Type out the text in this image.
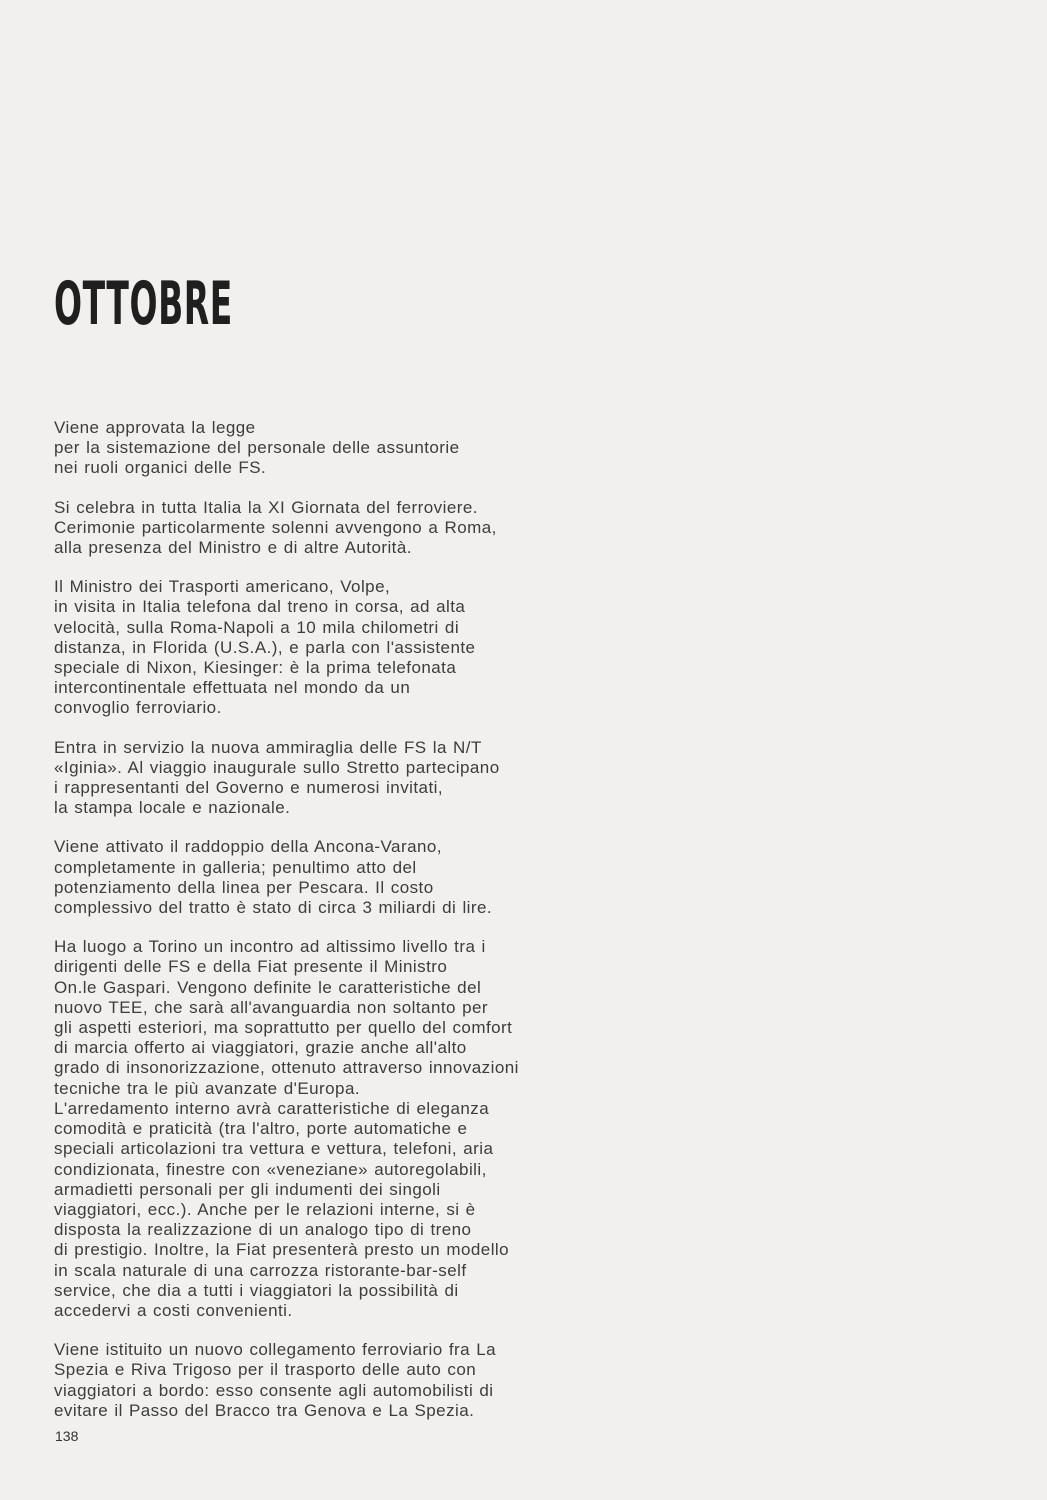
OTTOBRE

Viene approvata la legge
per la sistemazione del personale delle assuntorie
nei ruoli organici delle FS.

Si celebra in tutta Italia la XI Giornata del ferroviere.
Cerimonie particolarmente solenni avvengono a Roma,
alla presenza del Ministro e di altre Autorità.

Il Ministro dei Trasporti americano, Volpe,
in visita in Italia telefona dal treno in corsa, ad alta
velocità, sulla Roma-Napoli a 10 mila chilometri di
distanza, in Florida (U.S.A.), e parla con l'assistente
speciale di Nixon, Kiesinger: è la prima telefonata
intercontinentale effettuata nel mondo da un
convoglio ferroviario.

Entra in servizio la nuova ammiraglia delle FS la N/T
«Iginia». Al viaggio inaugurale sullo Stretto partecipano
i rappresentanti del Governo e numerosi invitati,
la stampa locale e nazionale.

Viene attivato il raddoppio della Ancona-Varano,
completamente in galleria; penultimo atto del
potenziamento della linea per Pescara. Il costo
complessivo del tratto è stato di circa 3 miliardi di lire.

Ha luogo a Torino un incontro ad altissimo livello tra i
dirigenti delle FS e della Fiat presente il Ministro
On.le Gaspari. Vengono definite le caratteristiche del
nuovo TEE, che sarà all'avanguardia non soltanto per
gli aspetti esteriori, ma soprattutto per quello del comfort
di marcia offerto ai viaggiatori, grazie anche all'alto
grado di insonorizzazione, ottenuto attraverso innovazioni
tecniche tra le più avanzate d'Europa.
L'arredamento interno avrà caratteristiche di eleganza
comodità e praticità (tra l'altro, porte automatiche e
speciali articolazioni tra vettura e vettura, telefoni, aria
condizionata, finestre con «veneziane» autoregolabili,
armadietti personali per gli indumenti dei singoli
viaggiatori, ecc.). Anche per le relazioni interne, si è
disposta la realizzazione di un analogo tipo di treno
di prestigio. Inoltre, la Fiat presenterà presto un modello
in scala naturale di una carrozza ristorante-bar-self
service, che dia a tutti i viaggiatori la possibilità di
accedervi a costi convenienti.

Viene istituito un nuovo collegamento ferroviario fra La
Spezia e Riva Trigoso per il trasporto delle auto con
viaggiatori a bordo: esso consente agli automobilisti di
evitare il Passo del Bracco tra Genova e La Spezia.

138
